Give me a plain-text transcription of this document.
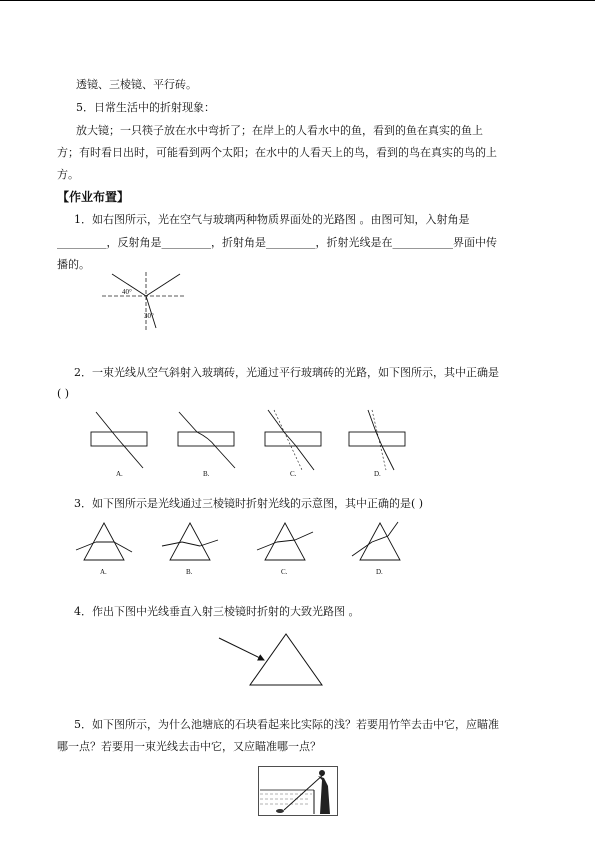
透镜、三棱镜、平行砖。
5．日常生活中的折射现象：
放大镜；一只筷子放在水中弯折了；在岸上的人看水中的鱼，看到的鱼在真实的鱼上
方；有时看日出时，可能看到两个太阳；在水中的人看天上的鸟，看到的鸟在真实的鸟的上
方。
【作业布置】
1．如右图所示，光在空气与玻璃两种物质界面处的光路图 。由图可知，入射角是
_________，反射角是_________，折射角是_________，折射光线是在___________界面中传
播的。
40°
30°
2．一束光线从空气斜射入玻璃砖，光通过平行玻璃砖的光路，如下图所示，其中正确是
( )
A.	B.	C.	D.
3．如下图所示是光线通过三棱镜时折射光线的示意图，其中正确的是( )
A.	B.	C.	D.
4．作出下图中光线垂直入射三棱镜时折射的大致光路图 。
5．如下图所示，为什么池塘底的石块看起来比实际的浅？若要用竹竿去击中它，应瞄准
哪一点？若要用一束光线去击中它，又应瞄准哪一点？
